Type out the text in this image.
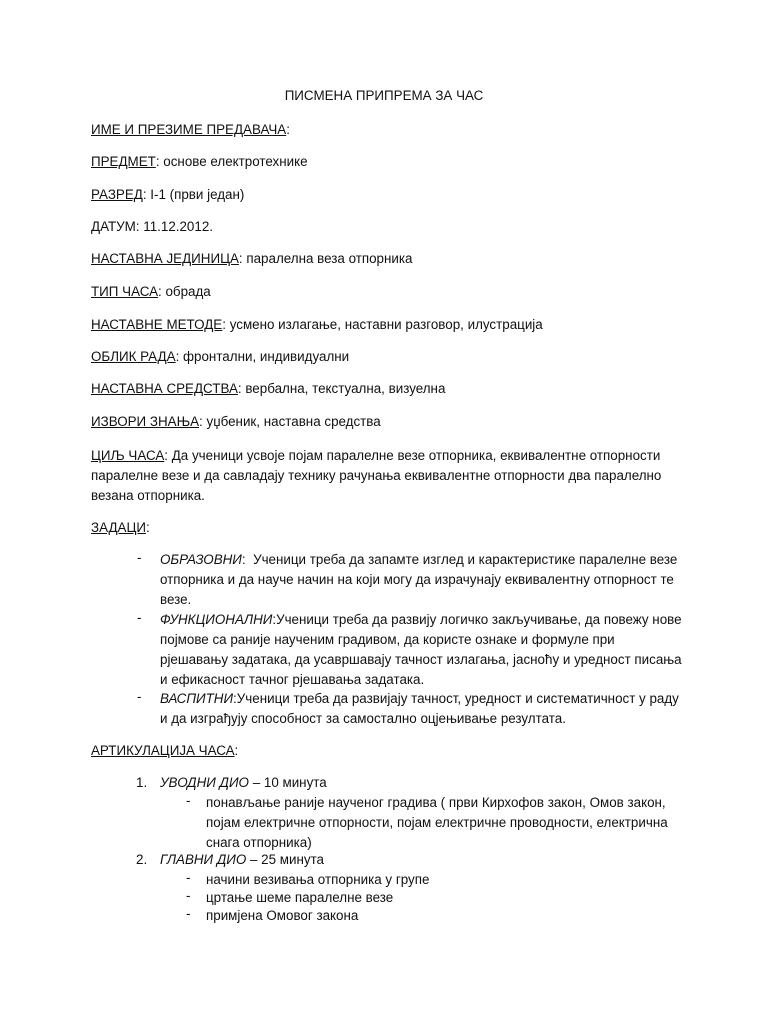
ПИСМЕНА ПРИПРЕМА ЗА ЧАС
ИМЕ И ПРЕЗИМЕ ПРЕДАВАЧА:
ПРЕДМЕТ: основе електротехнике
РАЗРЕД: I-1 (први један)
ДАТУМ: 11.12.2012.
НАСТАВНА ЈЕДИНИЦА: паралелна веза отпорника
ТИП ЧАСА: обрада
НАСТАВНЕ МЕТОДЕ: усмено излагање, наставни разговор, илустрација
ОБЛИК РАДА: фронтални, индивидуални
НАСТАВНА СРЕДСТВА: вербална, текстуална, визуелна
ИЗВОРИ ЗНАЊА: уџбеник, наставна средства
ЦИЉ ЧАСА: Да ученици усвоје појам паралелне везе отпорника, еквивалентне отпорности паралелне везе и да савладају технику рачунања еквивалентне отпорности два паралелно везана отпорника.
ЗАДАЦИ:
- ОБРАЗОВНИ:  Ученици треба да запамте изглед и карактеристике паралелне везе отпорника и да науче начин на који могу да израчунају еквивалентну отпорност те везе.
- ФУНКЦИОНАЛНИ:Ученици треба да развију логичко закључивање, да повежу нове појмове са раније наученим градивом, да користе ознаке и формуле при рјешавању задатака, да усавршавају тачност излагања, јасноћу и уредност писања и ефикасност тачног рјешавања задатака.
- ВАСПИТНИ:Ученици треба да развијају тачност, уредност и систематичност у раду и да изграђују способност за самостално оцјењивање резултата.
АРТИКУЛАЦИЈА ЧАСА:
1. УВОДНИ ДИО – 10 минута
- понављање раније наученог градива ( први Кирхофов закон, Омов закон, појам електричне отпорности, појам електричне проводности, електрична снага отпорника)
2. ГЛАВНИ ДИО – 25 минута
- начини везивања отпорника у групе
- цртање шеме паралелне везе
- примјена Омовог закона
